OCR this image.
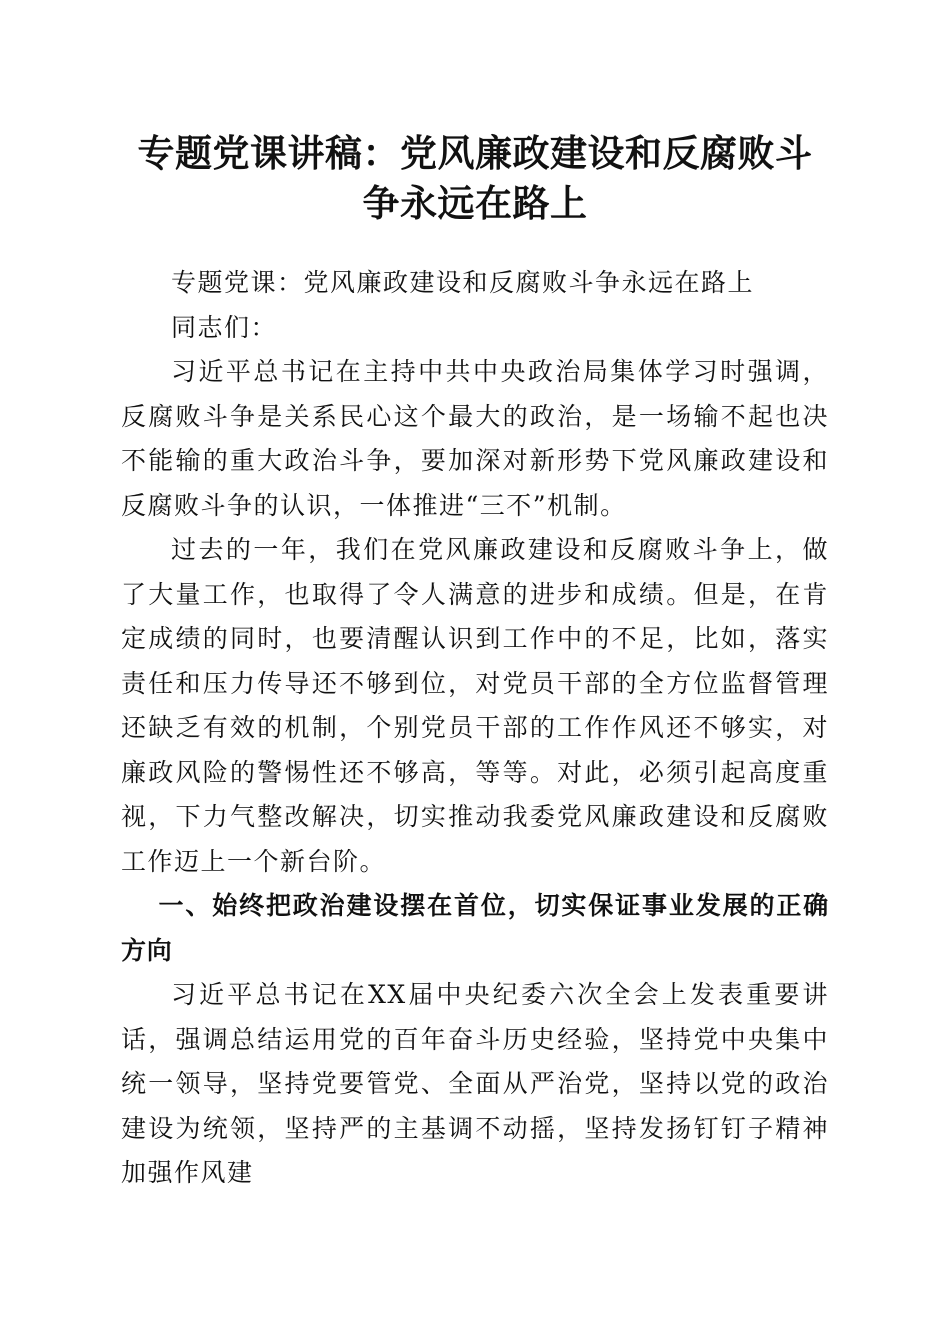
专题党课讲稿：党风廉政建设和反腐败斗争永远在路上

专题党课：党风廉政建设和反腐败斗争永远在路上

同志们：

习近平总书记在主持中共中央政治局集体学习时强调，反腐败斗争是关系民心这个最大的政治，是一场输不起也决不能输的重大政治斗争，要加深对新形势下党风廉政建设和反腐败斗争的认识，一体推进“三不”机制。

过去的一年，我们在党风廉政建设和反腐败斗争上，做了大量工作，也取得了令人满意的进步和成绩。但是，在肯定成绩的同时，也要清醒认识到工作中的不足，比如，落实责任和压力传导还不够到位，对党员干部的全方位监督管理还缺乏有效的机制，个别党员干部的工作作风还不够实，对廉政风险的警惕性还不够高，等等。对此，必须引起高度重视，下力气整改解决，切实推动我委党风廉政建设和反腐败工作迈上一个新台阶。

一、始终把政治建设摆在首位，切实保证事业发展的正确方向

习近平总书记在XX届中央纪委六次全会上发表重要讲话，强调总结运用党的百年奋斗历史经验，坚持党中央集中统一领导，坚持党要管党、全面从严治党，坚持以党的政治建设为统领，坚持严的主基调不动摇，坚持发扬钉钉子精神加强作风建
